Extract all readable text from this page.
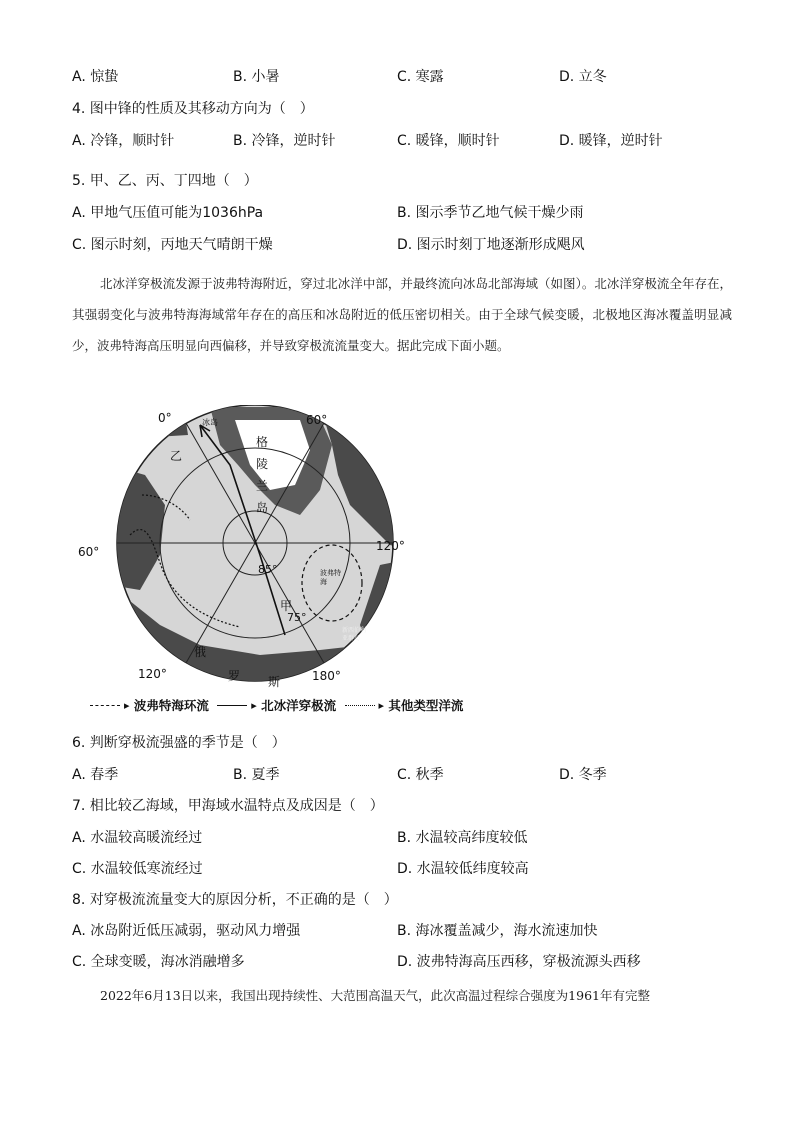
A. 惊蛰	B. 小暑	C. 寒露	D. 立冬
4. 图中锋的性质及其移动方向为（　）
A. 冷锋，顺时针	B. 冷锋，逆时针	C. 暖锋，顺时针	D. 暖锋，逆时针
5. 甲、乙、丙、丁四地（　）
A. 甲地气压值可能为1036hPa	B. 图示季节乙地气候干燥少雨
C. 图示时刻，丙地天气晴朗干燥	D. 图示时刻丁地逐渐形成飓风
北冰洋穿极流发源于波弗特海附近，穿过北冰洋中部，并最终流向冰岛北部海域（如图）。北冰洋穿极流全年存在，其强弱变化与波弗特海海域常年存在的高压和冰岛附近的低压密切相关。由于全球气候变暖，北极地区海冰覆盖明显减少，波弗特海高压明显向西偏移，并导致穿极流流量变大。据此完成下面小题。
0°	60°
60°	120°
120°	180°
85°
75°
格
陵
兰
岛
冰岛
乙
甲
波弗特海
俄
罗 斯
新西伯利亚群岛
▸ 波弗特海环流	▸ 北冰洋穿极流	▸ 其他类型洋流
6. 判断穿极流强盛的季节是（　）
A. 春季	B. 夏季	C. 秋季	D. 冬季
7. 相比较乙海域，甲海域水温特点及成因是（　）
A. 水温较高暖流经过	B. 水温较高纬度较低
C. 水温较低寒流经过	D. 水温较低纬度较高
8. 对穿极流流量变大的原因分析，不正确的是（　）
A. 冰岛附近低压减弱，驱动风力增强	B. 海冰覆盖减少，海水流速加快
C. 全球变暖，海冰消融增多	D. 波弗特海高压西移，穿极流源头西移
2022年6月13日以来，我国出现持续性、大范围高温天气，此次高温过程综合强度为1961年有完整
